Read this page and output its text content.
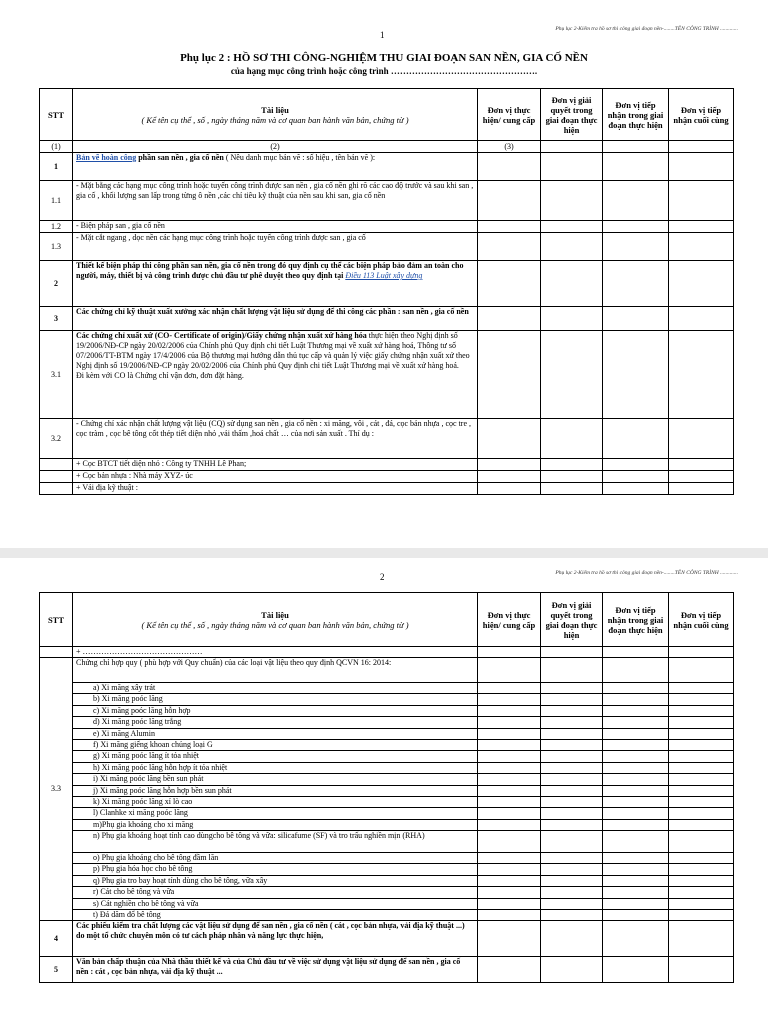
1
Phụ lục 2-Kiểm tra hồ sơ thi công giai đoạn nền-........TÊN CÔNG TRÌNH .............
Phụ lục 2 : HỒ SƠ THI CÔNG-NGHIỆM THU GIAI ĐOẠN SAN NỀN, GIA CỐ NỀN
của hạng mục công trình hoặc công trình ………………………………………….
STT	Tài liệu
( Kể tên cụ thể , số , ngày tháng năm và cơ quan ban hành văn bản, chứng từ )	Đơn vị thực hiện/ cung cấp	Đơn vị giải quyết trong giai đoạn thực hiện	Đơn vị tiếp nhận trong giai đoạn thực hiện	Đơn vị tiếp nhận cuối cùng
(1)	(2)	(3)			
1	Bản vẽ hoàn công phần san nền , gia cố nền ( Nêu danh mục bản vẽ : số hiệu , tên bản vẽ ):				
1.1	- Mặt bằng các hạng mục công trình hoặc tuyến công trình được san nền , gia cố nền ghi rõ các cao độ trước và sau khi san , gia cố , khối lượng san lấp trong từng ô nền ,các chỉ tiêu kỹ thuật của nền sau khi san, gia cố nền				
1.2	- Biện pháp san , gia cố nền				
1.3	- Mặt cắt ngang , dọc nền các hạng mục công trình hoặc tuyến công trình được san , gia cố				
2	Thiết kế biện pháp thi công phần san nền, gia cố nền trong đó quy định cụ thể các biện pháp bảo đảm an toàn cho người, máy, thiết bị và công trình được chủ đầu tư phê duyệt theo quy định tại Điều 113 Luật xây dựng				
3	Các chứng chỉ kỹ thuật xuất xưởng xác nhận chất lượng vật liệu sử dụng để thi công các phần : san nền , gia cố nền				
3.1	Các chứng chỉ xuất xứ (CO- Certificate of origin)/Giấy chứng nhận xuất xứ hàng hóa thực hiện theo Nghị định số 19/2006/NĐ-CP ngày 20/02/2006 của Chính phủ Quy định chi tiết Luật Thương mại về xuất xứ hàng hoá, Thông tư số 07/2006/TT-BTM ngày 17/4/2006 của Bộ thương mại hướng dẫn thủ tục cấp và quản lý việc giấy chứng nhận xuất xứ theo Nghị định số 19/2006/NĐ-CP ngày 20/02/2006 của Chính phủ Quy định chi tiết Luật Thương mại về xuất xứ hàng hoá.
Đi kèm với CO là Chứng chỉ vận đơn, đơn đặt hàng.				

3.2	- Chứng chỉ xác nhận chất lượng vật liệu (CQ) sử dụng san nền , gia cố nền : xi măng, vôi , cát , đá, cọc bản nhựa , cọc tre , cọc tràm , cọc bê tông cốt thép tiết diện nhỏ ,vải thấm ,hoá chất … của nơi sản xuất . Thí dụ :				
	+ Cọc BTCT tiết diện nhỏ : Công ty TNHH Lê Phan;				
	+ Cọc bản nhựa : Nhà máy XYZ- úc				
	+ Vải địa kỹ thuật :				
2	Phụ lục 2-Kiểm tra hồ sơ thi công giai đoạn nền-........TÊN CÔNG TRÌNH .............
STT	Tài liệu
( Kể tên cụ thể , số , ngày tháng năm và cơ quan ban hành văn bản, chứng từ )	Đơn vị thực hiện/ cung cấp	Đơn vị giải quyết trong giai đoạn thực hiện	Đơn vị tiếp nhận trong giai đoạn thực hiện	Đơn vị tiếp nhận cuối cùng
	+ ………………………………………				
3.3	Chứng chỉ hợp quy ( phù hợp với Quy chuẩn) của các loại vật liệu theo quy định QCVN 16: 2014:				
	a) Xi măng xây trát				
	b) Xi măng poóc lăng				
	c) Xi măng poóc lăng hỗn hợp				
	d) Xi măng poóc lăng trắng				
	e) Xi măng Alumin				
	f) Xi măng giếng khoan chủng loại G				
	g) Xi măng poóc lăng ít tỏa nhiệt				
	h) Xi măng poóc lăng hỗn hợp ít tỏa nhiệt				
	i) Xi măng poóc lăng bền sun phát				
	j) Xi măng poóc lăng hỗn hợp bền sun phát				
	k) Xi măng poóc lăng xỉ lò cao				
	l) Clanhke xi măng poóc lăng				
	m)Phụ gia khoáng cho xi măng				
	n) Phụ gia khoáng hoạt tính cao dùngcho bê tông và vữa: silicafume (SF) và tro trấu nghiền mịn (RHA)				
	o) Phụ gia khoáng cho bê tông đầm lăn				
	p) Phụ gia hóa học cho bê tông				
	q) Phụ gia tro bay hoạt tính dùng cho bê tông, vữa xây				
	r) Cát cho bê tông và vữa				
	s) Cát nghiền cho bê tông và vữa				
	t) Đá dăm đổ bê tông				
4	Các phiếu kiểm tra chất lượng các vật liệu sử dụng để san nền , gia cố nền ( cát , cọc bản nhựa, vải địa kỹ thuật ...) do một tổ chức chuyên môn có tư cách pháp nhân và năng lực thực hiện,				
5	Văn bản chấp thuận của Nhà thầu thiết kế và của Chủ đầu tư về việc sử dụng vật liệu sử dụng để san nền , gia cố nền : cát , cọc bản nhựa, vải địa kỹ thuật ...				
